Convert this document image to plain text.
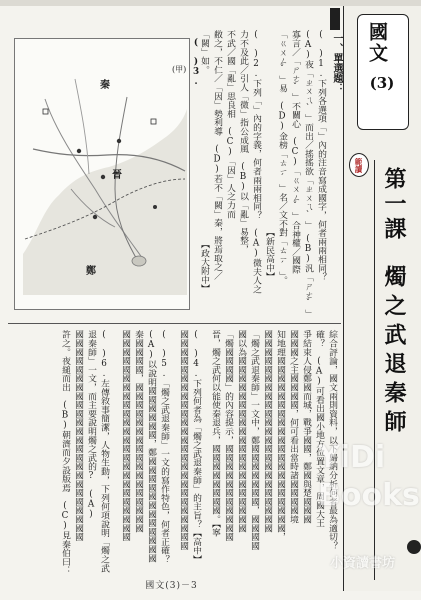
國文
(3)
範讀
第一課
燭之武退秦師
一、單選題：
(　)1.下列各選項「」內的注音寫成國字，何者兩兩相同？
(A)夜「ㄓㄨㄟˋ」而出／搖搖欲「ㄓㄨㄟˋ」　(B)汎「ㄕㄜˇ」
寡言／「ㄕㄜˇ」不關心　(C)「ㄍㄨㄥˇ」合神權／國際
「ㄍㄨㄥˇ」易　(D)金榜「ㄊㄧˊ」名／文不對「ㄊㄧˊ」。
【新民高中】
(　)2.下列「」內的字義，何者兩兩相同？　(A)微夫人之
力不及此／引人「微」指公成風　(B)以「亂」易整，
不武／國「亂」思良相　(C)「因」人之力而
敝之，不仁／「因」勢利導　(D)若不「闕」秦，將焉取之／
「闕」如。
【政大附中】
(　)3.
(甲)
秦
晉
鄭
綜合評論，國文兩則資料，以下歸納分析何者最為適切？
確？　(A)可看出國小地方位置文章，周國大王
爭結束人侵鄭國而城，戰爭國國，鄭國與楚國國國
國國國之主國國國國，何可看出當時諸國國國國境
知地理國國國國國國國國國國國國國國國國國國國國，
國國國國國國國國國國國國國國國國國國國國國國國
「燭之武退秦師」一文中，鄭國國國國國國國，國國國國
國以為國國國國國國國國國國國國國國國國國國國國
「燭國國國國」的內容提示，國國國國國國國國國國國
晉，燭之武何以能使秦退兵，國國國國國國國國。【寧
(　)4.下列何者為「燭之武退秦師」的主旨？【高中】
國國國國國國國國國國國國國國國國國國國國國國國國國
(　)5.「燭之武退秦師」一文的寫作特色，何者正確？
(A)以說明國國國國國國，鄭國國國國國國國國國國國國
秦國國國國，國國國國國國國國國國國國國國國國國
國國國國國國國國國國國國國國國國國國國國國國國國
(　)6.左傳敘事簡潔，人物生動，下列何項說明「燭之武
退秦師」一文，而主要說明燭之武的?　(A)
國國國國國國國國國國國國國國國國國國國國國國國國
許之。夜縋而出　(B)朝濟而夕設版焉　(C)見秦伯曰：
國文(3)－3
YiDi
Books
小資讀書坊
